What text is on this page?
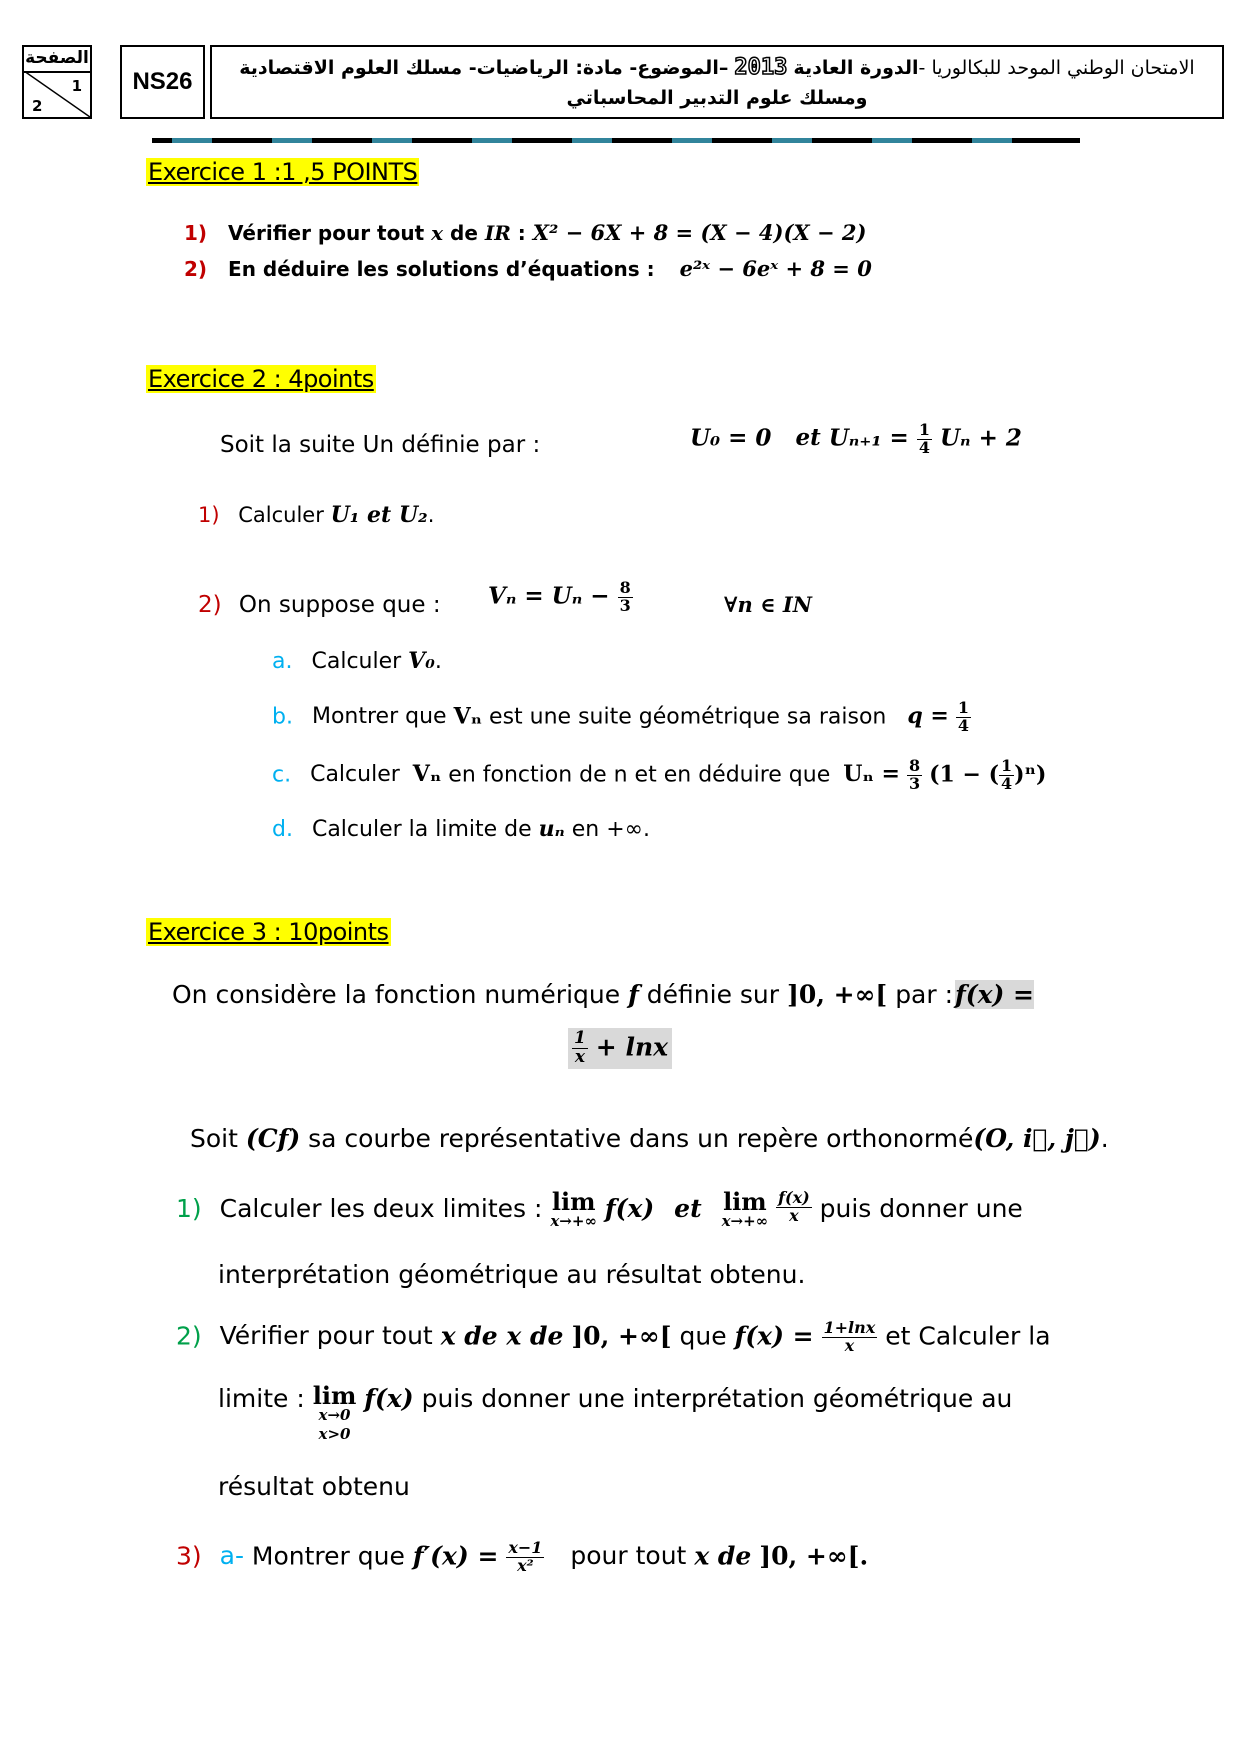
الصفحة
1
2
NS26	الامتحان الوطني الموحد للبكالوريا -الدورة العادية 2013 –الموضوع- مادة: الرياضيات- مسلك العلوم الاقتصادية
ومسلك علوم التدبير المحاسباتي
Exercice 1 :1 ,5 POINTS
1) Vérifier pour tout x de IR : X² − 6X + 8 = (X − 4)(X − 2)
2) En déduire les solutions d’équations : e²ˣ − 6eˣ + 8 = 0
Exercice 2 : 4points
Soit la suite Un définie par :	U₀ = 0 et $U_{n+1} = \frac{1}{4}$ Uₙ + 2
1) Calculer U₁ et U₂.
2) On suppose que : $V_n = U_n - \frac{8}{3}$	∀n ∈ IN
a. Calculer V₀.
b. Montrer que Vₙ est une suite géométrique sa raison $q = \frac{1}{4}$
c. Calculer Vₙ en fonction de n et en déduire que $U_n = \frac{8}{3} (1$ − ( $\frac{1}{4} )^n$)
d. Calculer la limite de uₙ en +∞.
Exercice 3 : 10points
On considère la fonction numérique f définie sur ]0, +∞[ par :f(x) =
$\frac{1}{x} + \ln x$
Soit (Cf) sa courbe représentative dans un repère orthonormé(O, i⃗, j⃗).
1) Calculer les deux limites : lim
x→+∞ f(x) et lim
x→+∞
$\frac{f(x)}{x}$ puis donner une
interprétation géométrique au résultat obtenu.
2) Vérifier pour tout x de x de ]0, +∞[ que $f(x) = \frac{1+\ln x}{x}$ et Calculer la
limite : lim
x→0
x>0
f(x) puis donner une interprétation géométrique au
résultat obtenu
3) a- Montrer que $f'(x) = \frac{x-1}{\text{x²}}$ pour tout x de ]0, +∞[.
